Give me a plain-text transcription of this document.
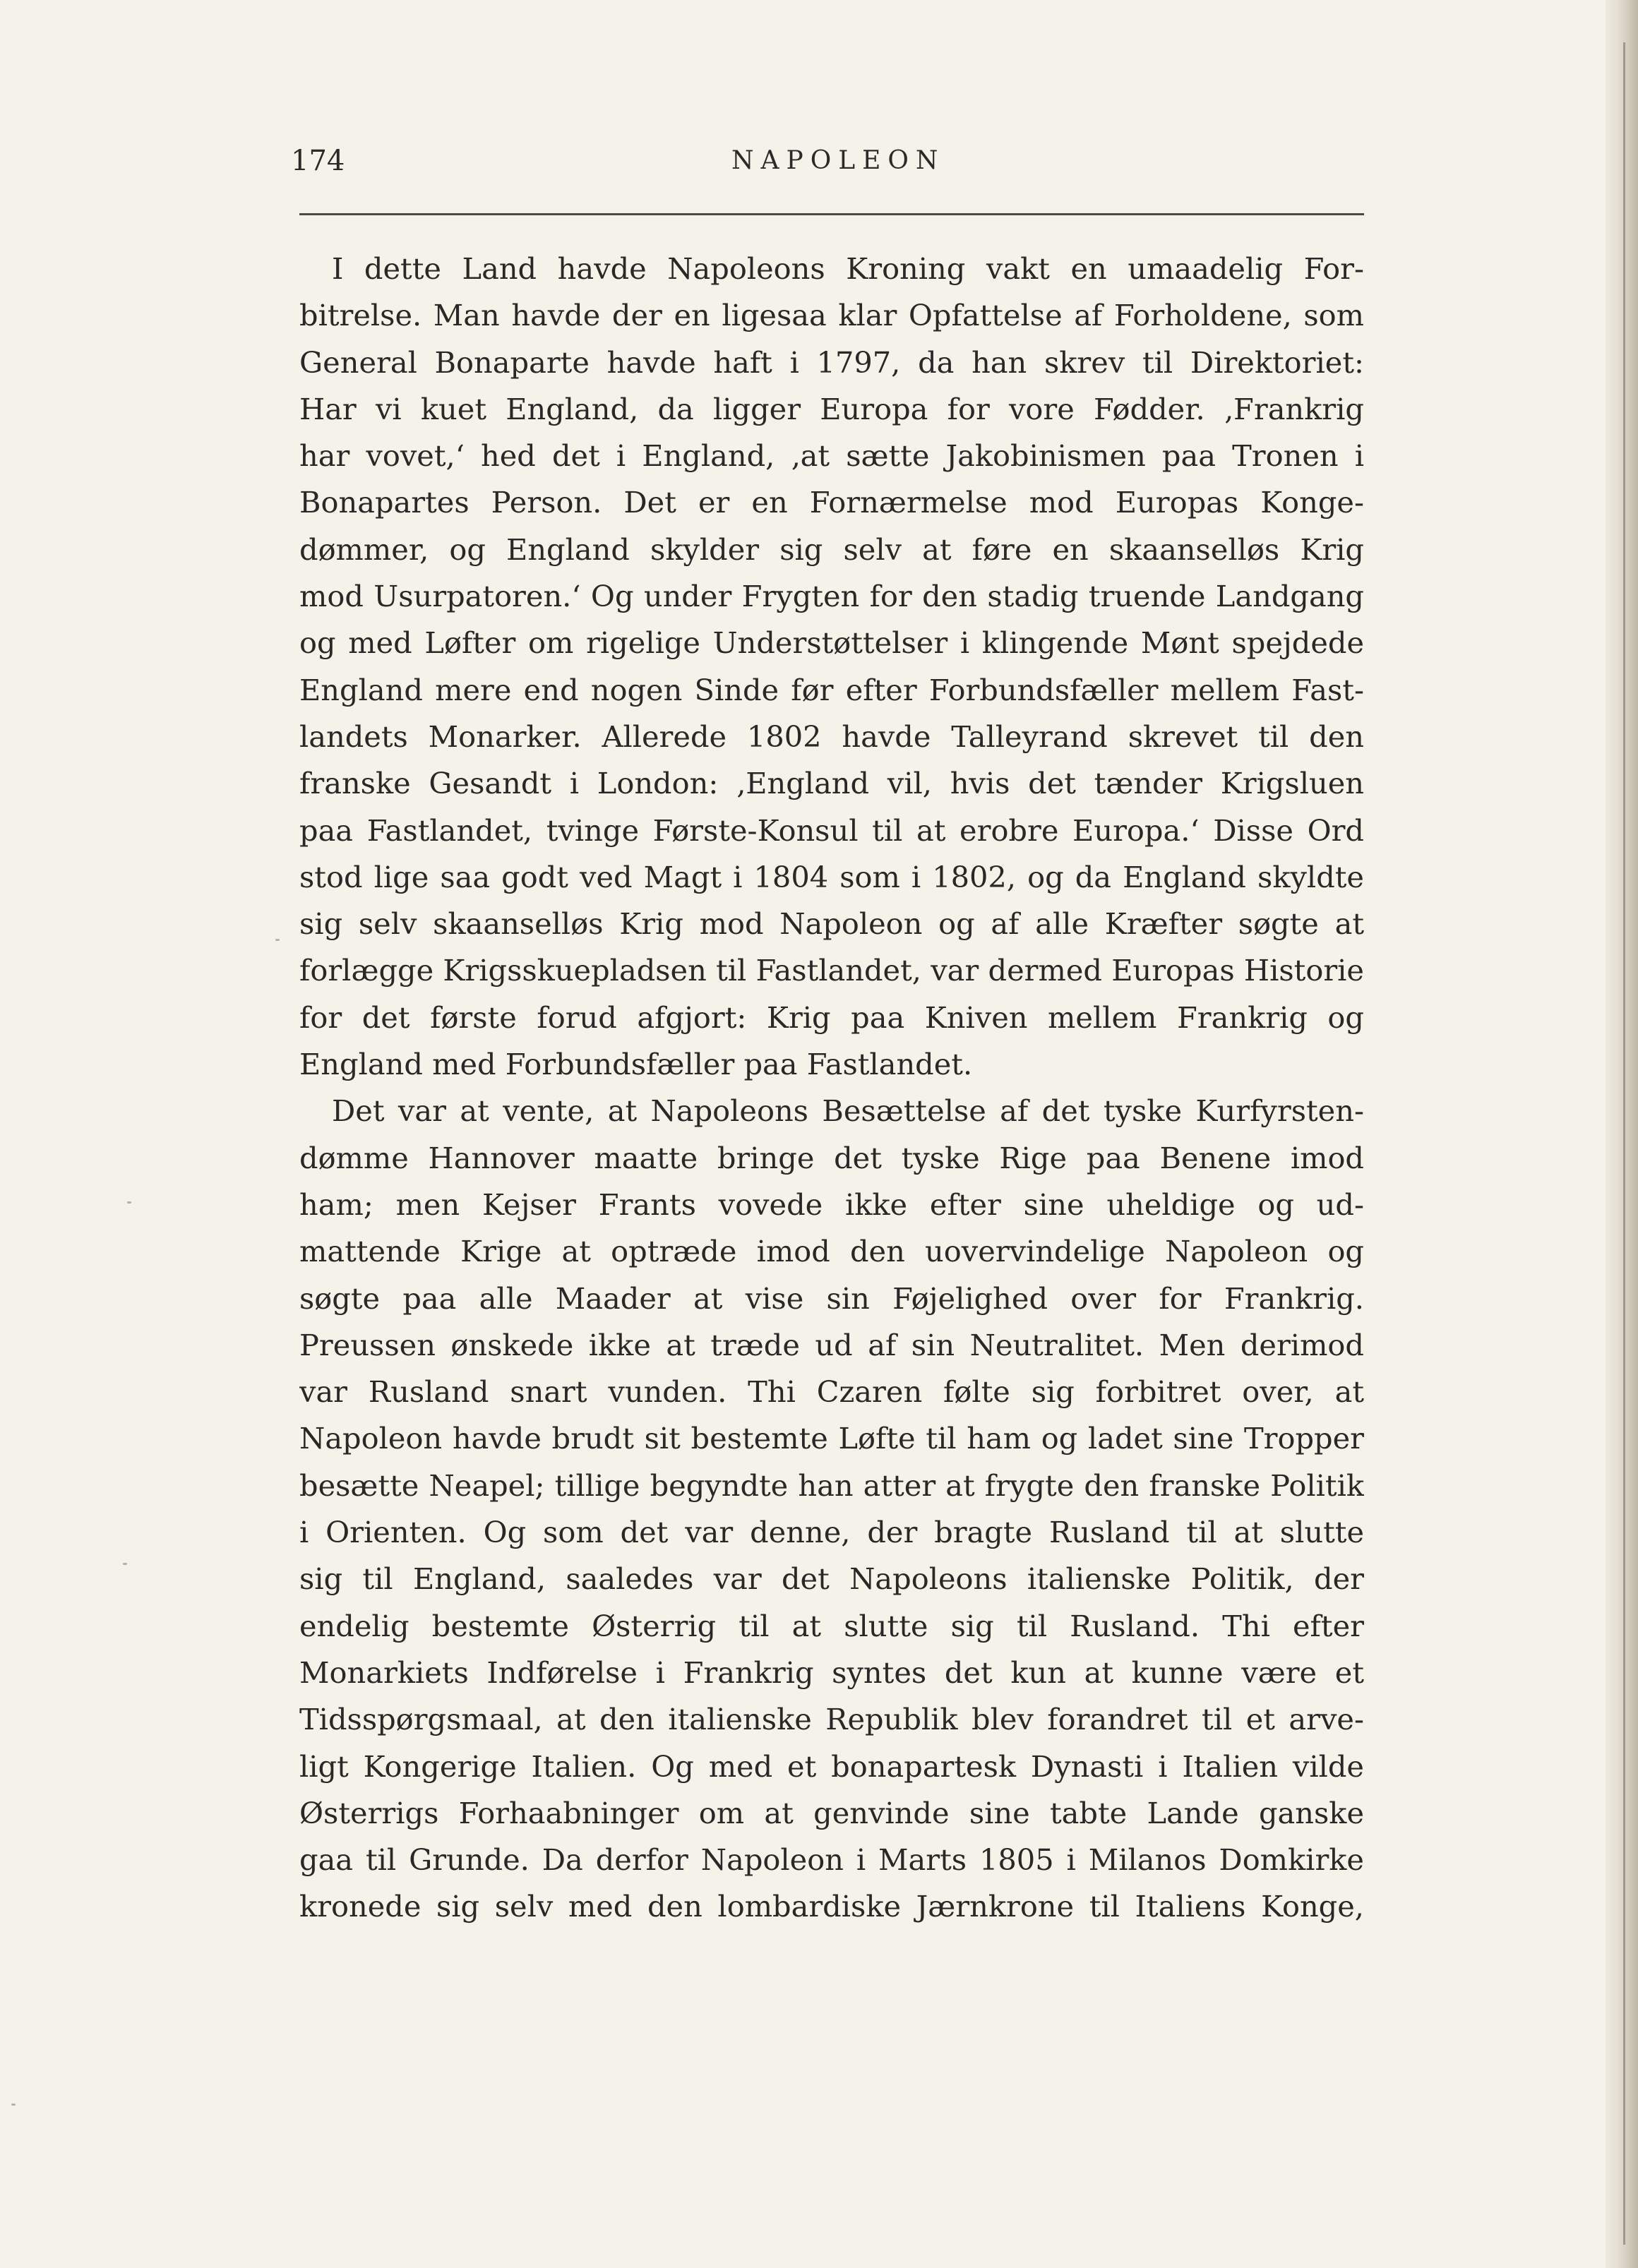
174	NAPOLEON
I dette Land havde Napoleons Kroning vakt en umaadelig For-
bitrelse. Man havde der en ligesaa klar Opfattelse af Forholdene, som
General Bonaparte havde haft i 1797, da han skrev til Direktoriet:
Har vi kuet England, da ligger Europa for vore Fødder. ‚Frankrig
har vovet,‘ hed det i England, ‚at sætte Jakobinismen paa Tronen i
Bonapartes Person. Det er en Fornærmelse mod Europas Konge-
dømmer, og England skylder sig selv at føre en skaanselløs Krig
mod Usurpatoren.‘ Og under Frygten for den stadig truende Landgang
og med Løfter om rigelige Understøttelser i klingende Mønt spejdede
England mere end nogen Sinde før efter Forbundsfæller mellem Fast-
landets Monarker. Allerede 1802 havde Talleyrand skrevet til den
franske Gesandt i London: ‚England vil, hvis det tænder Krigsluen
paa Fastlandet, tvinge Første-Konsul til at erobre Europa.‘ Disse Ord
stod lige saa godt ved Magt i 1804 som i 1802, og da England skyldte
sig selv skaanselløs Krig mod Napoleon og af alle Kræfter søgte at
forlægge Krigsskuepladsen til Fastlandet, var dermed Europas Historie
for det første forud afgjort: Krig paa Kniven mellem Frankrig og
England med Forbundsfæller paa Fastlandet.
Det var at vente, at Napoleons Besættelse af det tyske Kurfyrsten-
dømme Hannover maatte bringe det tyske Rige paa Benene imod
ham; men Kejser Frants vovede ikke efter sine uheldige og ud-
mattende Krige at optræde imod den uovervindelige Napoleon og
søgte paa alle Maader at vise sin Føjelighed over for Frankrig.
Preussen ønskede ikke at træde ud af sin Neutralitet. Men derimod
var Rusland snart vunden. Thi Czaren følte sig forbitret over, at
Napoleon havde brudt sit bestemte Løfte til ham og ladet sine Tropper
besætte Neapel; tillige begyndte han atter at frygte den franske Politik
i Orienten. Og som det var denne, der bragte Rusland til at slutte
sig til England, saaledes var det Napoleons italienske Politik, der
endelig bestemte Østerrig til at slutte sig til Rusland. Thi efter
Monarkiets Indførelse i Frankrig syntes det kun at kunne være et
Tidsspørgsmaal, at den italienske Republik blev forandret til et arve-
ligt Kongerige Italien. Og med et bonapartesk Dynasti i Italien vilde
Østerrigs Forhaabninger om at genvinde sine tabte Lande ganske
gaa til Grunde. Da derfor Napoleon i Marts 1805 i Milanos Domkirke
kronede sig selv med den lombardiske Jærnkrone til Italiens Konge,
